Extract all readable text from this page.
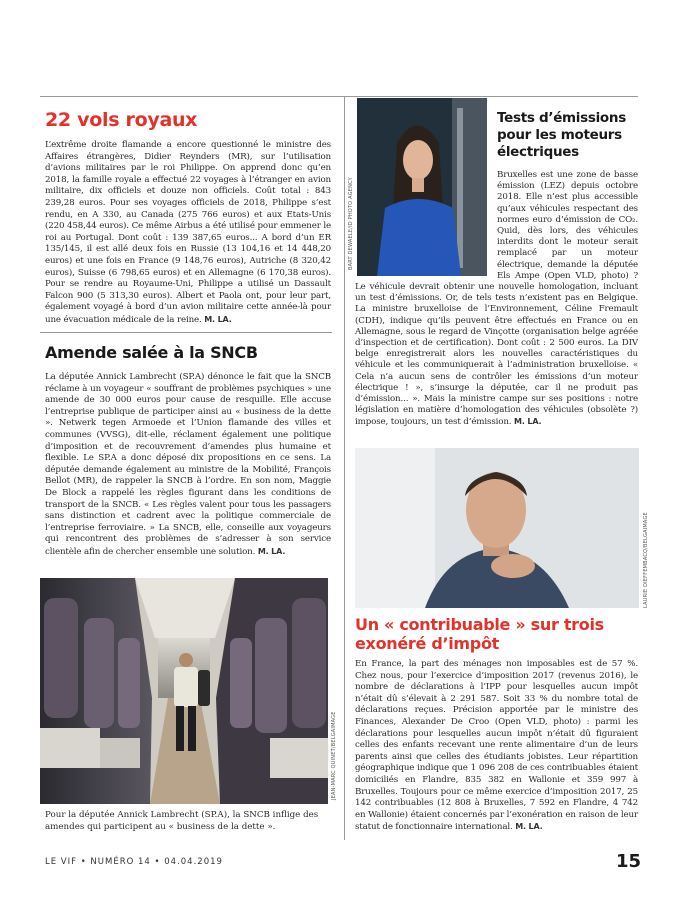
22 vols royaux

L’extrême droite flamande a encore questionné le ministre des Affaires étrangères, Didier Reynders (MR), sur l’utilisation d’avions militaires par le roi Philippe. On apprend donc qu’en 2018, la famille royale a effectué 22 voyages à l’étranger en avion militaire, dix officiels et douze non officiels. Coût total : 843 239,28 euros. Pour ses voyages officiels de 2018, Philippe s’est rendu, en A 330, au Canada (275 766 euros) et aux Etats-Unis (220 458,44 euros). Ce même Airbus a été utilisé pour emmener le roi au Portugal. Dont coût : 139 387,65 euros... A bord d’un ER 135/145, il est allé deux fois en Russie (13 104,16 et 14 448,20 euros) et une fois en France (9 148,76 euros), Autriche (8 320,42 euros), Suisse (6 798,65 euros) et en Allemagne (6 170,38 euros). Pour se rendre au Royaume-Uni, Philippe a utilisé un Dassault Falcon 900 (5 313,30 euros). Albert et Paola ont, pour leur part, également voyagé à bord d’un avion militaire cette année-là pour une évacuation médicale de la reine. M. LA.

Amende salée à la SNCB

La députée Annick Lambrecht (SP.A) dénonce le fait que la SNCB réclame à un voyageur « souffrant de problèmes psychiques » une amende de 30 000 euros pour cause de resquille. Elle accuse l’entreprise publique de participer ainsi au « business de la dette ». Netwerk tegen Armoede et l’Union flamande des villes et communes (VVSG), dit-elle, réclament également une politique d’imposition et de recouvrement d’amendes plus humaine et flexible. Le SP.A a donc déposé dix propositions en ce sens. La députée demande également au ministre de la Mobilité, François Bellot (MR), de rappeler la SNCB à l’ordre. En son nom, Maggie De Block a rappelé les règles figurant dans les conditions de transport de la SNCB. « Les règles valent pour tous les passagers sans distinction et cadrent avec la politique commerciale de l’entreprise ferroviaire. » La SNCB, elle, conseille aux voyageurs qui rencontrent des problèmes de s’adresser à son service clientèle afin de chercher ensemble une solution. M. LA.

JEAN-MARC QUINET/BELGAIMAGE
Pour la députée Annick Lambrecht (SP.A), la SNCB inflige des amendes qui participent au « business de la dette ».
BART DEWAELE/ID PHOTO AGENCY
Tests d’émissions pour les moteurs électriques

Bruxelles est une zone de basse émission (LEZ) depuis octobre 2018. Elle n’est plus accessible qu’aux véhicules respectant des normes euro d’émission de CO₂. Quid, dès lors, des véhicules interdits dont le moteur serait remplacé par un moteur électrique, demande la députée Els Ampe (Open VLD, photo) ? Le véhicule devrait obtenir une nouvelle homologation, incluant un test d’émissions. Or, de tels tests n’existent pas en Belgique. La ministre bruxelloise de l’Environnement, Céline Fremault (CDH), indique qu’ils peuvent être effectués en France ou en Allemagne, sous le regard de Vinçotte (organisation belge agréée d’inspection et de certification). Dont coût : 2 500 euros. La DIV belge enregistrerait alors les nouvelles caractéristiques du véhicule et les communiquerait à l’administration bruxelloise. « Cela n’a aucun sens de contrôler les émissions d’un moteur électrique ! », s’insurge la députée, car il ne produit pas d’émission... ». Mais la ministre campe sur ses positions : notre législation en matière d’homologation des véhicules (obsolète ?) impose, toujours, un test d’émission. M. LA.

LAURIE DIEFFEMBACQ/BELGAIMAGE
Un « contribuable » sur trois exonéré d’impôt

En France, la part des ménages non imposables est de 57 %. Chez nous, pour l’exercice d’imposition 2017 (revenus 2016), le nombre de déclarations à l’IPP pour lesquelles aucun impôt n’était dû s’élevait à 2 291 587. Soit 33 % du nombre total de déclarations reçues. Précision apportée par le ministre des Finances, Alexander De Croo (Open VLD, photo) : parmi les déclarations pour lesquelles aucun impôt n’était dû figuraient celles des enfants recevant une rente alimentaire d’un de leurs parents ainsi que celles des étudiants jobistes. Leur répartition géographique indique que 1 096 208 de ces contribuables étaient domiciliés en Flandre, 835 382 en Wallonie et 359 997 à Bruxelles. Toujours pour ce même exercice d’imposition 2017, 25 142 contribuables (12 808 à Bruxelles, 7 592 en Flandre, 4 742 en Wallonie) étaient concernés par l’exonération en raison de leur statut de fonctionnaire international. M. LA.

LE VIF • NUMÉRO 14 • 04.04.2019	15
